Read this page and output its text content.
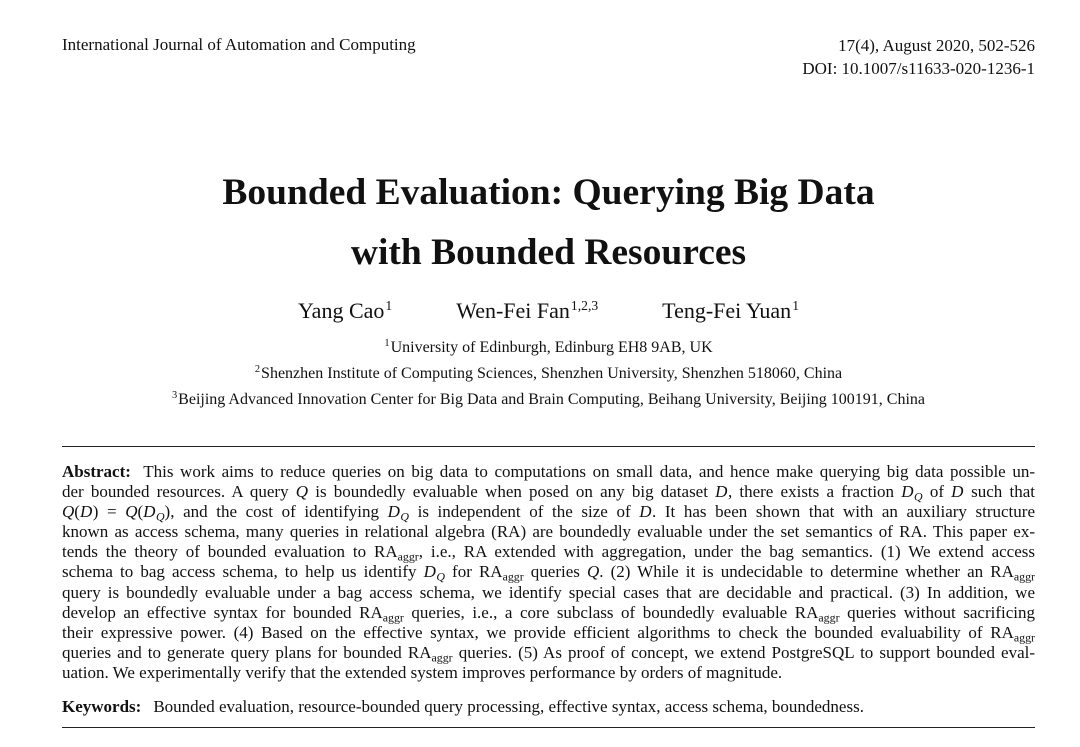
International Journal of Automation and Computing	17(4), August 2020, 502-526
DOI: 10.1007/s11633-020-1236-1
Bounded Evaluation: Querying Big Data
with Bounded Resources
Yang Cao$^1$	Wen-Fei Fan$^{1,2,3}$	Teng-Fei Yuan$^1$
$^1$University of Edinburgh, Edinburg EH8 9AB, UK
$^2$Shenzhen Institute of Computing Sciences, Shenzhen University, Shenzhen 518060, China
$^3$Beijing Advanced Innovation Center for Big Data and Brain Computing, Beihang University, Beijing 100191, China
Abstract: This work aims to reduce queries on big data to computations on small data, and hence make querying big data possible un-
der bounded resources. A query Q is boundedly evaluable when posed on any big dataset D, there exists a fraction $D_Q$ of D such that
$Q(D) = Q(D_Q)$, and the cost of identifying $D_Q$ is independent of the size of D. It has been shown that with an auxiliary structure
known as access schema, many queries in relational algebra (RA) are boundedly evaluable under the set semantics of RA. This paper ex-
tends the theory of bounded evaluation to $RA_{aggr}$, i.e., RA extended with aggregation, under the bag semantics. (1) We extend access
schema to bag access schema, to help us identify $D_Q$ for $RA_{aggr}$ queries Q. (2) While it is undecidable to determine whether an $RA_{aggr}$
query is boundedly evaluable under a bag access schema, we identify special cases that are decidable and practical. (3) In addition, we
develop an effective syntax for bounded $RA_{aggr}$ queries, i.e., a core subclass of boundedly evaluable $RA_{aggr}$ queries without sacrificing
their expressive power. (4) Based on the effective syntax, we provide efficient algorithms to check the bounded evaluability of $RA_{aggr}$
queries and to generate query plans for bounded $RA_{aggr}$ queries. (5) As proof of concept, we extend PostgreSQL to support bounded eval-
uation. We experimentally verify that the extended system improves performance by orders of magnitude.
Keywords: Bounded evaluation, resource-bounded query processing, effective syntax, access schema, boundedness.
